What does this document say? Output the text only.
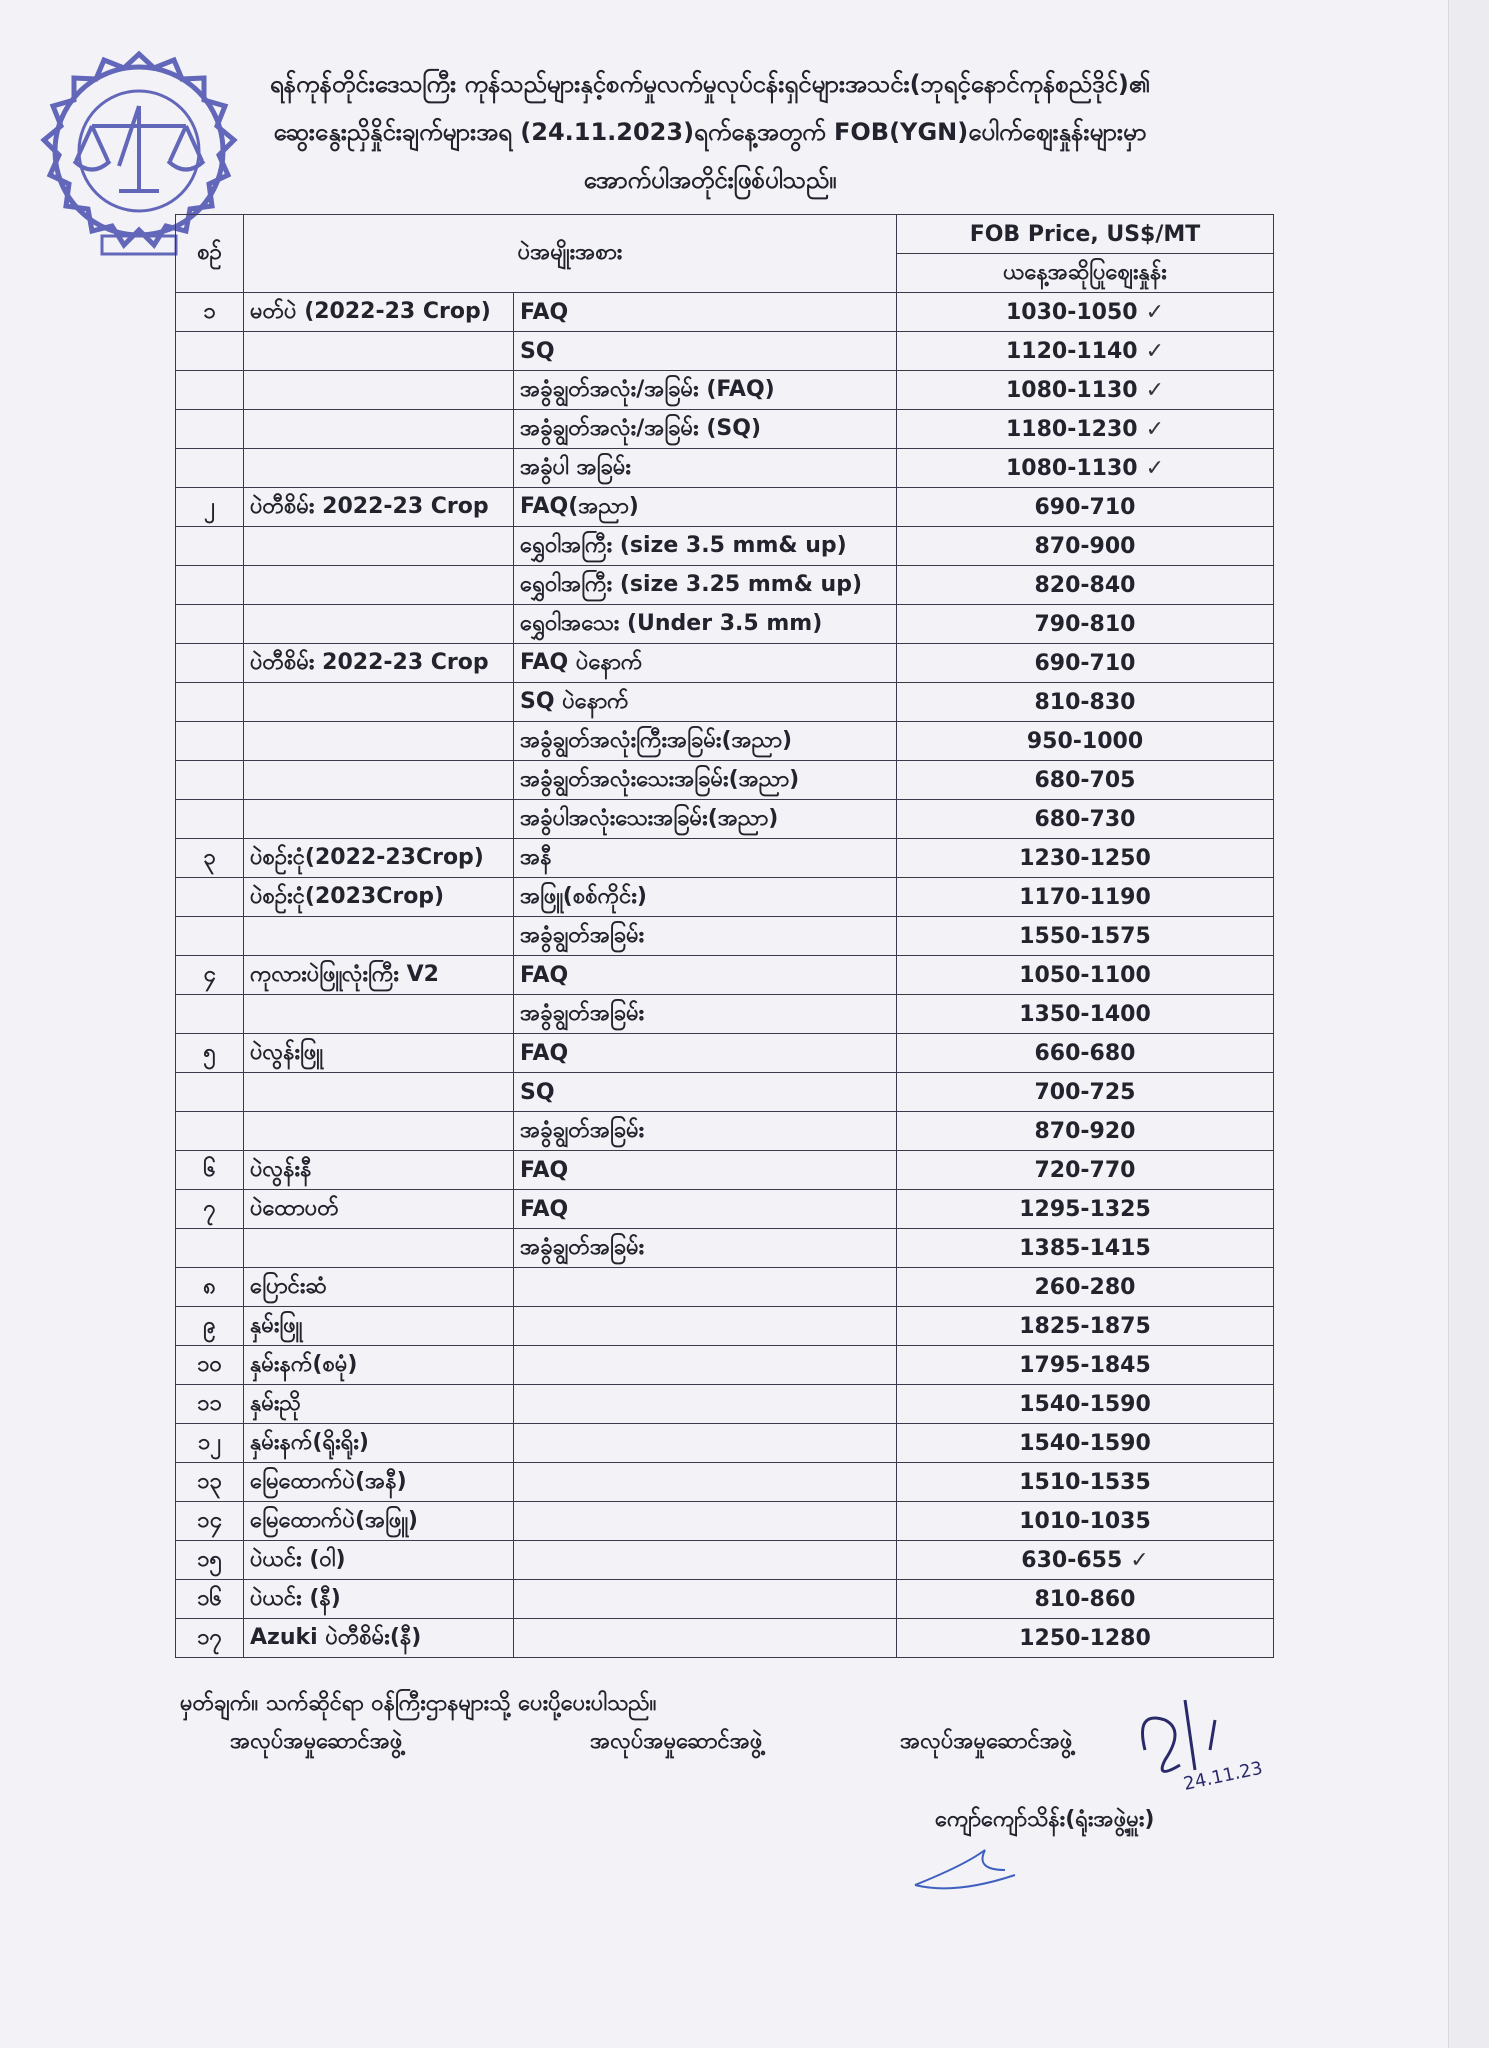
ရန်ကုန်တိုင်းဒေသကြီး ကုန်သည်များနှင့်စက်မှုလက်မှုလုပ်ငန်းရှင်များအသင်း(ဘုရင့်နောင်ကုန်စည်ဒိုင်)၏
ဆွေးနွေးညှိနှိုင်းချက်များအရ (24.11.2023)ရက်နေ့အတွက် FOB(YGN)ပေါက်ဈေးနှုန်းများမှာ
အောက်ပါအတိုင်းဖြစ်ပါသည်။
စဉ်	ပဲအမျိုးအစား		FOB Price, US$/MT
			ယနေ့အဆိုပြုဈေးနှုန်း
၁	မတ်ပဲ (2022-23 Crop)	FAQ	1030-1050 ✓
		SQ	1120-1140 ✓
		အခွံချွတ်အလုံး/အခြမ်း (FAQ)	1080-1130 ✓
		အခွံချွတ်အလုံး/အခြမ်း (SQ)	1180-1230 ✓
		အခွံပါ အခြမ်း	1080-1130 ✓
၂	ပဲတီစိမ်း 2022-23 Crop	FAQ(အညာ)	690-710
		ရွှေဝါအကြီး (size 3.5 mm& up)	870-900
		ရွှေဝါအကြီး (size 3.25 mm& up)	820-840
		ရွှေဝါအသေး (Under 3.5 mm)	790-810
	ပဲတီစိမ်း 2022-23 Crop	FAQ ပဲနောက်	690-710
		SQ ပဲနောက်	810-830
		အခွံချွတ်အလုံးကြီးအခြမ်း(အညာ)	950-1000
		အခွံချွတ်အလုံးသေးအခြမ်း(အညာ)	680-705
		အခွံပါအလုံးသေးအခြမ်း(အညာ)	680-730
၃	ပဲစဉ်းငုံ(2022-23Crop)	အနီ	1230-1250
	ပဲစဉ်းငုံ(2023Crop)	အဖြူ(စစ်ကိုင်း)	1170-1190
		အခွံချွတ်အခြမ်း	1550-1575
၄	ကုလားပဲဖြူလုံးကြီး V2	FAQ	1050-1100
		အခွံချွတ်အခြမ်း	1350-1400
၅	ပဲလွန်းဖြူ	FAQ	660-680
		SQ	700-725
		အခွံချွတ်အခြမ်း	870-920
၆	ပဲလွန်းနီ	FAQ	720-770
၇	ပဲထောပတ်	FAQ	1295-1325
		အခွံချွတ်အခြမ်း	1385-1415
၈	ပြောင်းဆံ		260-280
၉	နှမ်းဖြူ		1825-1875
၁၀	နှမ်းနက်(စမုံ)		1795-1845
၁၁	နှမ်းညို		1540-1590
၁၂	နှမ်းနက်(ရိုးရိုး)		1540-1590
၁၃	မြေထောက်ပဲ(အနီ)		1510-1535
၁၄	မြေထောက်ပဲ(အဖြူ)		1010-1035
၁၅	ပဲယင်း (ဝါ)		630-655 ✓
၁၆	ပဲယင်း (နီ)		810-860
၁၇	Azuki ပဲတီစိမ်း(နီ)		1250-1280
မှတ်ချက်။ သက်ဆိုင်ရာ ဝန်ကြီးဌာနများသို့ ပေးပို့ပေးပါသည်။
အလုပ်အမှုဆောင်အဖွဲ့	အလုပ်အမှုဆောင်အဖွဲ့	အလုပ်အမှုဆောင်အဖွဲ့
24.11.23
ကျော်ကျော်သိန်း(ရုံးအဖွဲ့မှူး)
